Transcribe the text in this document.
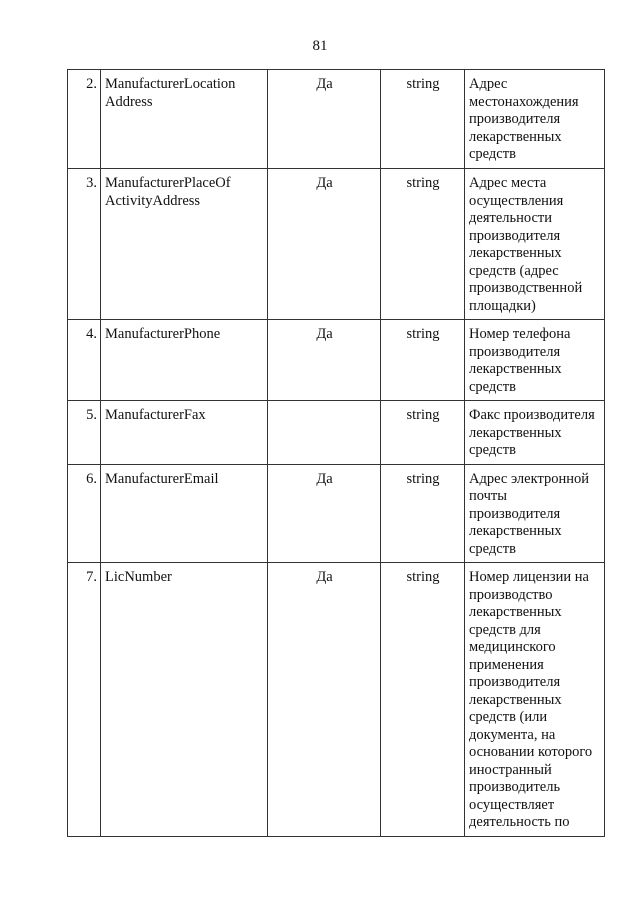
81
2.	ManufacturerLocation Address	Да	string	Адрес местонахождения производителя лекарственных средств
3.	ManufacturerPlaceOf ActivityAddress	Да	string	Адрес места осуществления деятельности производителя лекарственных средств (адрес производственной площадки)
4.	ManufacturerPhone	Да	string	Номер телефона производителя лекарственных средств
5.	ManufacturerFax		string	Факс производителя лекарственных средств
6.	ManufacturerEmail	Да	string	Адрес электронной почты производителя лекарственных средств
7.	LicNumber	Да	string	Номер лицензии на производство лекарственных средств для медицинского применения производителя лекарственных средств (или документа, на основании которого иностранный производитель осуществляет деятельность по
